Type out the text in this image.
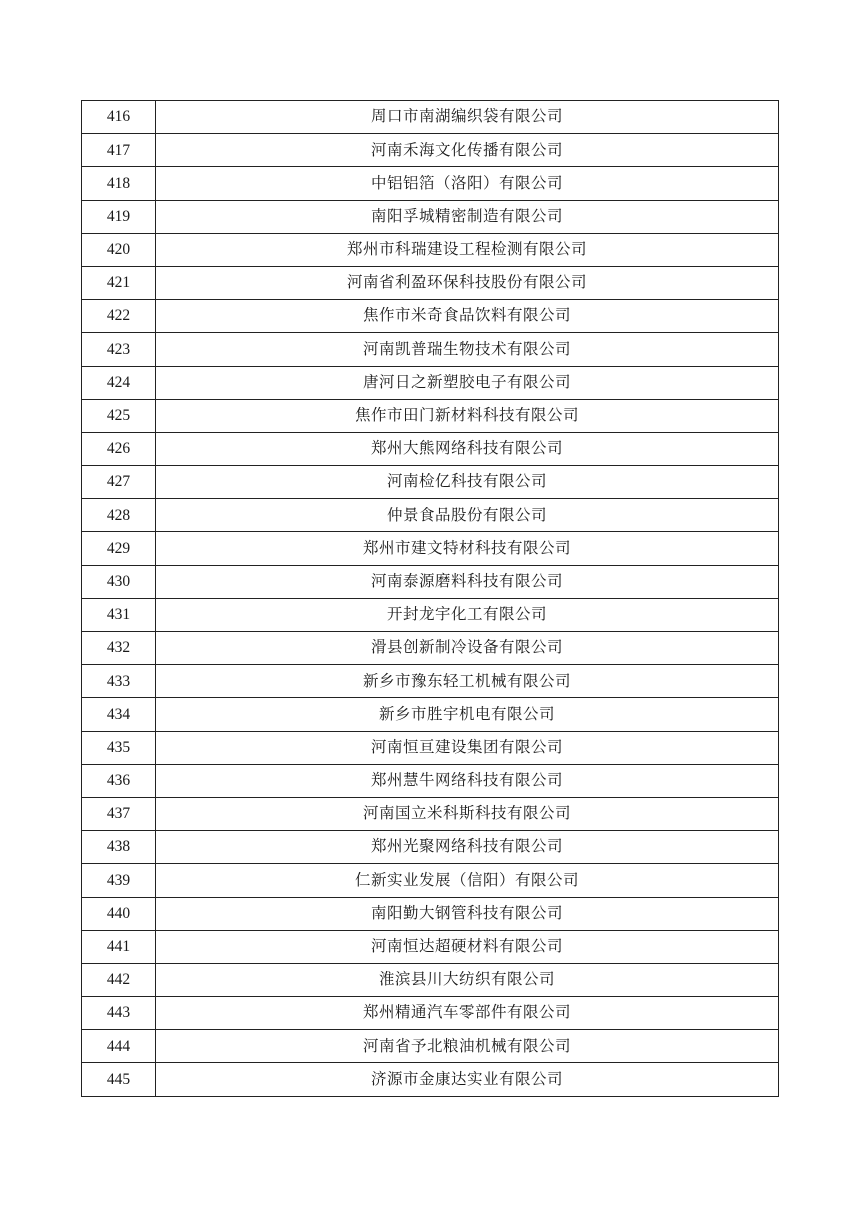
416	周口市南湖编织袋有限公司
417	河南禾海文化传播有限公司
418	中铝铝箔（洛阳）有限公司
419	南阳孚城精密制造有限公司
420	郑州市科瑞建设工程检测有限公司
421	河南省利盈环保科技股份有限公司
422	焦作市米奇食品饮料有限公司
423	河南凯普瑞生物技术有限公司
424	唐河日之新塑胶电子有限公司
425	焦作市田门新材料科技有限公司
426	郑州大熊网络科技有限公司
427	河南检亿科技有限公司
428	仲景食品股份有限公司
429	郑州市建文特材科技有限公司
430	河南泰源磨料科技有限公司
431	开封龙宇化工有限公司
432	滑县创新制冷设备有限公司
433	新乡市豫东轻工机械有限公司
434	新乡市胜宇机电有限公司
435	河南恒亘建设集团有限公司
436	郑州慧牛网络科技有限公司
437	河南国立米科斯科技有限公司
438	郑州光聚网络科技有限公司
439	仁新实业发展（信阳）有限公司
440	南阳勤大钢管科技有限公司
441	河南恒达超硬材料有限公司
442	淮滨县川大纺织有限公司
443	郑州精通汽车零部件有限公司
444	河南省予北粮油机械有限公司
445	济源市金康达实业有限公司
